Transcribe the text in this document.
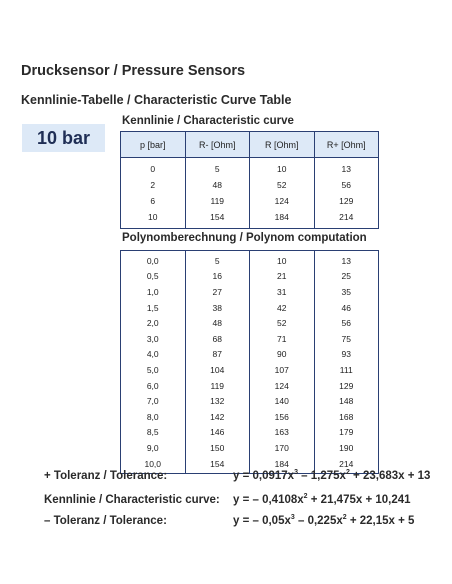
Drucksensor / Pressure Sensors
Kennlinie-Tabelle / Characteristic Curve Table
10 bar
Kennlinie / Characteristic curve
p [bar]	R- [Ohm]	R [Ohm]	R+ [Ohm]
0	5	10	13
2	48	52	56
6	119	124	129
10	154	184	214
Polynomberechnung / Polynom computation
0,0	5	10	13
0,5	16	21	25
1,0	27	31	35
1,5	38	42	46
2,0	48	52	56
3,0	68	71	75
4,0	87	90	93
5,0	104	107	111
6,0	119	124	129
7,0	132	140	148
8,0	142	156	168
8,5	146	163	179
9,0	150	170	190
10,0	154	184	214
+ Toleranz / Tolerance:	$y = 0,0917x^3 - 1,275x^2 + 23,683x + 13$
Kennlinie / Characteristic curve: y = – $0,4108x^2 + 21,475x + 10,241$
– Toleranz / Tolerance:	y = – $0,05x^3 - 0,225x^2 + 22,15x + 5$
